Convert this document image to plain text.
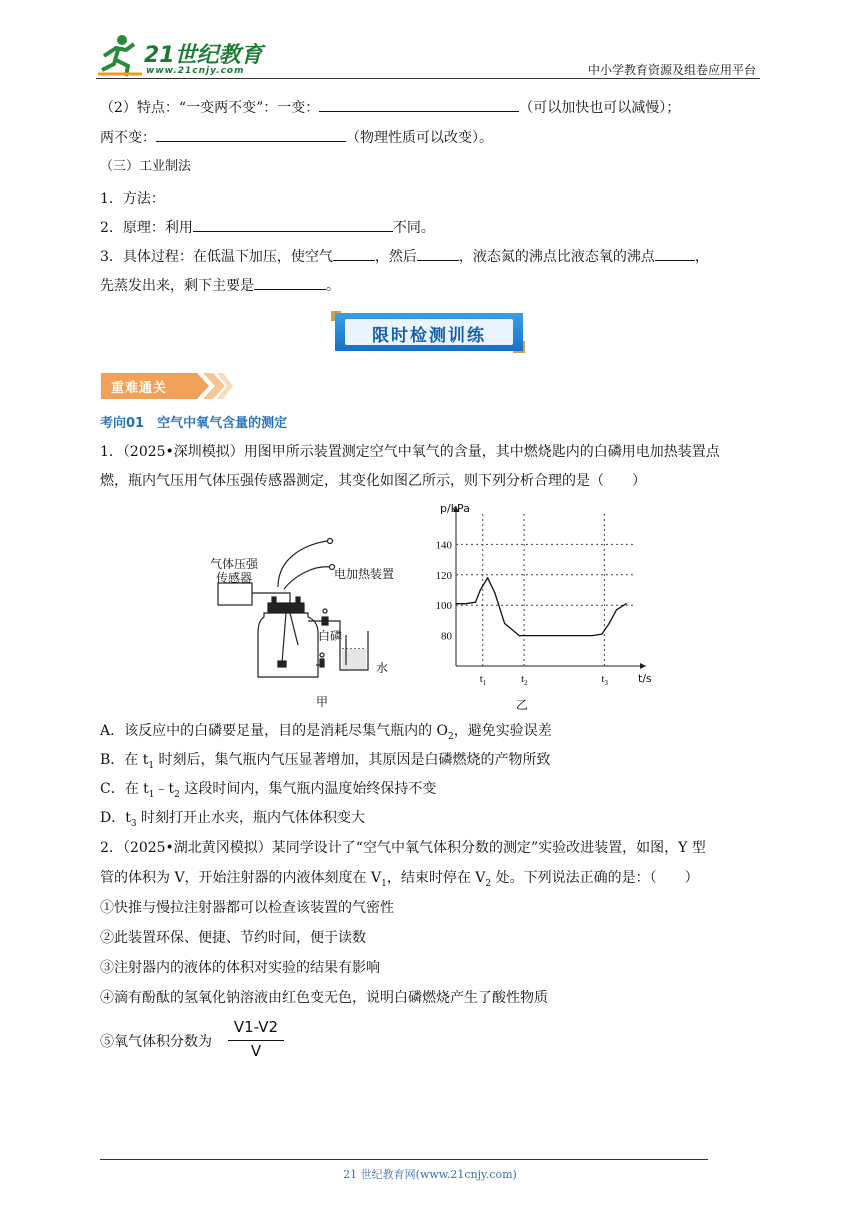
21世纪教育
www.21cnjy.com	中小学教育资源及组卷应用平台
（2）特点：“一变两不变”：一变：	（可以加快也可以减慢）；
两不变：	（物理性质可以改变）。
（三）工业制法
1．方法：
2．原理：利用	不同。
3．具体过程：在低温下加压，使空气	，然后	，液态氮的沸点比液态氧的沸点	，
先蒸发出来，剩下主要是	。
限时检测训练
重难通关
考向01　空气中氧气含量的测定
1．（2025•深圳模拟）用图甲所示装置测定空气中氧气的含量，其中燃烧匙内的白磷用电加热装置点
燃，瓶内气压用气体压强传感器测定，其变化如图乙所示，则下列分析合理的是（　　）
气体压强
传感器	电加热装置
白磷
水
甲
80
100
120
140
$t_1$	$t_2$	$t_3$
p/kPa
t/s
乙
A．该反应中的白磷要足量，目的是消耗尽集气瓶内的 $O_2$，避免实验误差
B．在 $t_1$ 时刻后，集气瓶内气压显著增加，其原因是白磷燃烧的产物所致
C．在 $t_1﹣t_2$ 这段时间内，集气瓶内温度始终保持不变
D．$t_3$ 时刻打开止水夹，瓶内气体体积变大
2．（2025•湖北黄冈模拟）某同学设计了“空气中氧气体积分数的测定”实验改进装置，如图，Y 型
管的体积为 V，开始注射器的内液体刻度在 $V_1$，结束时停在 $V_2$ 处。下列说法正确的是：（　　）
①快推与慢拉注射器都可以检查该装置的气密性
②此装置环保、便捷、节约时间，便于读数
③注射器内的液体的体积对实验的结果有影响
④滴有酚酞的氢氧化钠溶液由红色变无色，说明白磷燃烧产生了酸性物质
⑤氧气体积分数为
V1-V2
V
21 世纪教育网(www.21cnjy.com)
